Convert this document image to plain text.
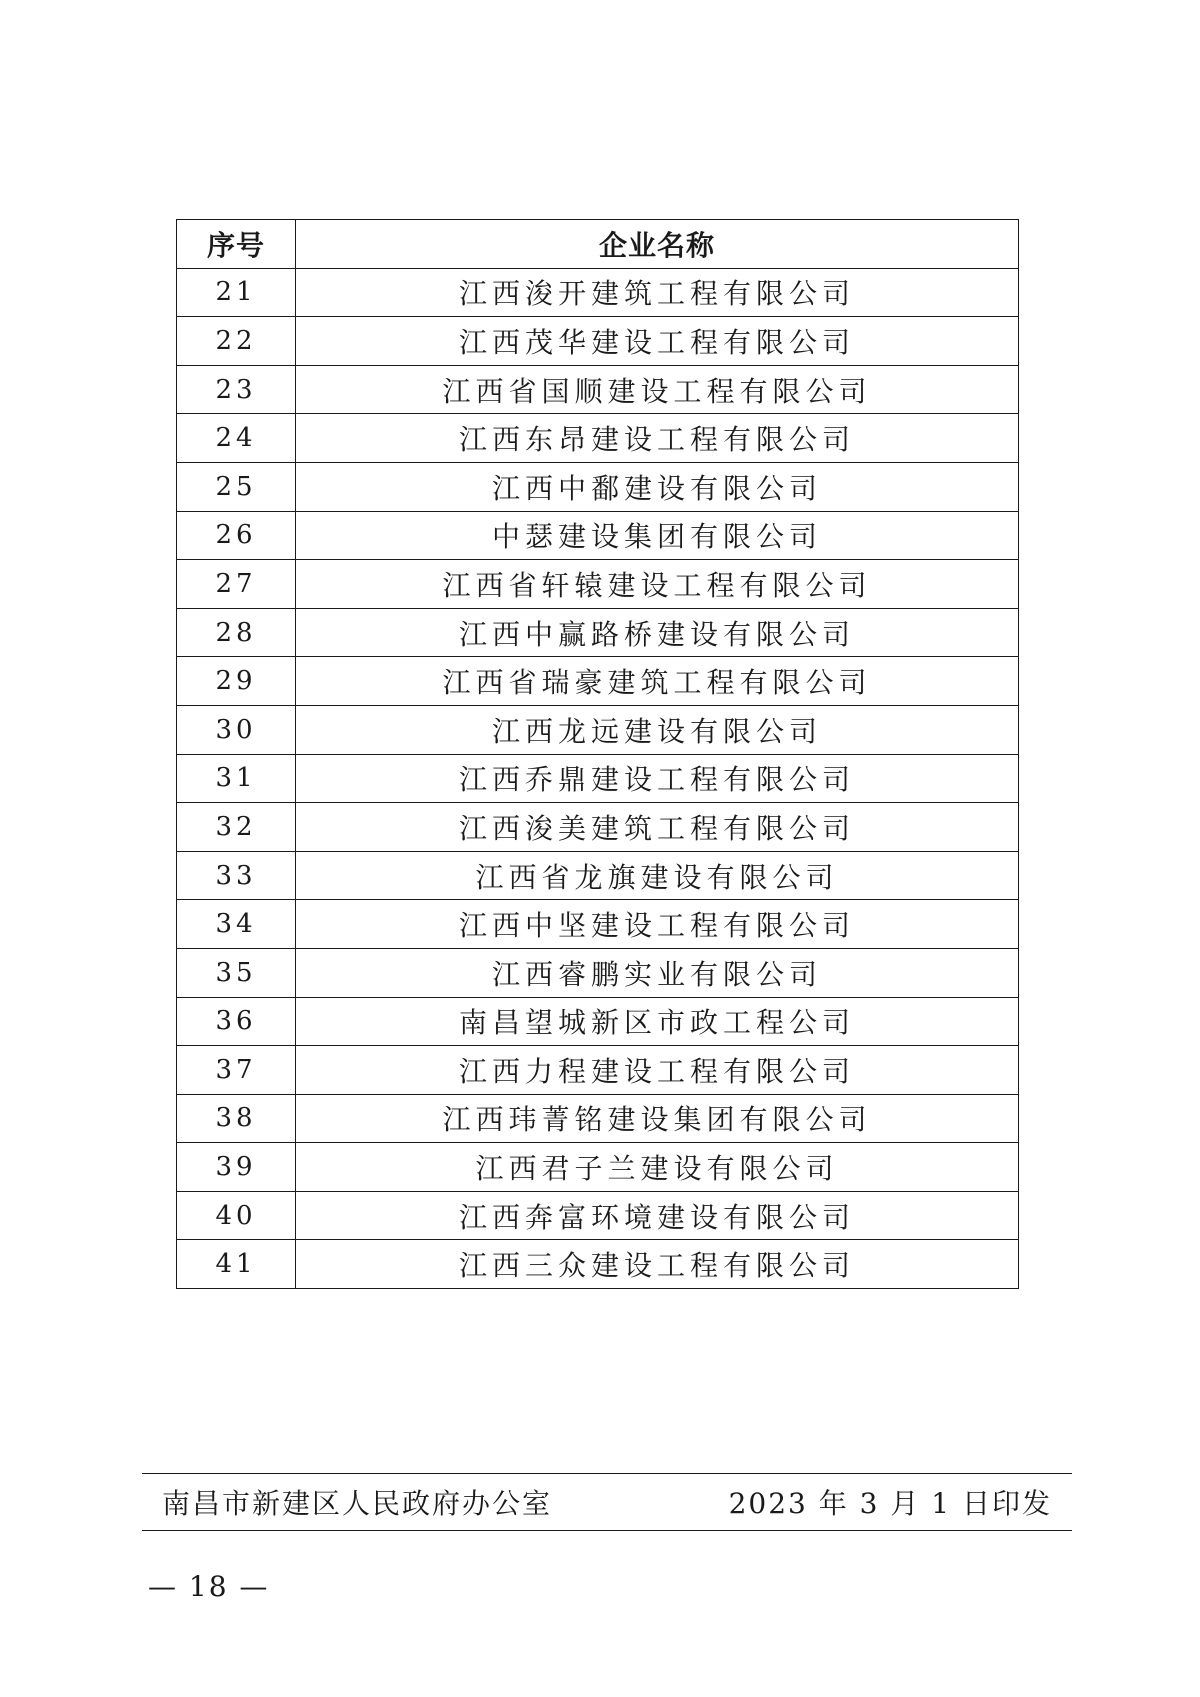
序号	企业名称
21	江西浚开建筑工程有限公司
22	江西茂华建设工程有限公司
23	江西省国顺建设工程有限公司
24	江西东昂建设工程有限公司
25	江西中鄱建设有限公司
26	中瑟建设集团有限公司
27	江西省轩辕建设工程有限公司
28	江西中赢路桥建设有限公司
29	江西省瑞豪建筑工程有限公司
30	江西龙远建设有限公司
31	江西乔鼎建设工程有限公司
32	江西浚美建筑工程有限公司
33	江西省龙旗建设有限公司
34	江西中坚建设工程有限公司
35	江西睿鹏实业有限公司
36	南昌望城新区市政工程公司
37	江西力程建设工程有限公司
38	江西玮菁铭建设集团有限公司
39	江西君子兰建设有限公司
40	江西奔富环境建设有限公司
41	江西三众建设工程有限公司
南昌市新建区人民政府办公室	2023 年 3 月 1 日印发
— 18 —
